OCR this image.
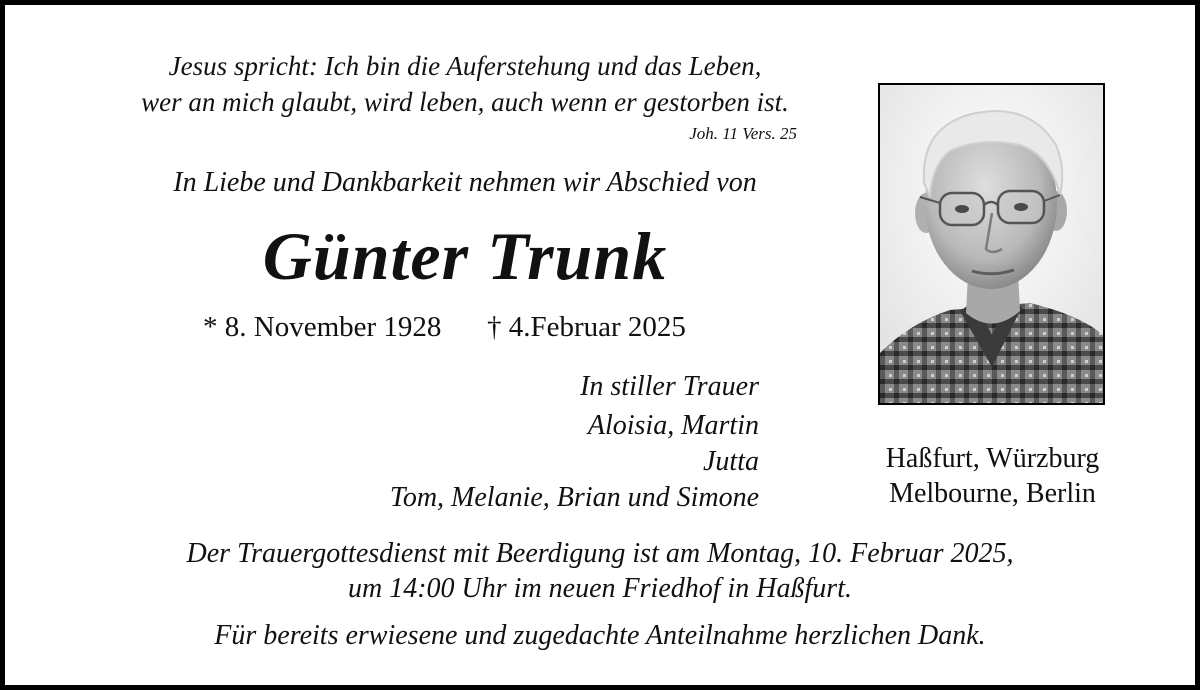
Jesus spricht: Ich bin die Auferstehung und das Leben,
wer an mich glaubt, wird leben, auch wenn er gestorben ist.
Joh. 11 Vers. 25
In Liebe und Dankbarkeit nehmen wir Abschied von
Günter Trunk
* 8. November 1928 † 4.Februar 2025
In stiller Trauer
Aloisia, Martin
Jutta
Tom, Melanie, Brian und Simone
Haßfurt, Würzburg
Melbourne, Berlin
Der Trauergottesdienst mit Beerdigung ist am Montag, 10. Februar 2025,
um 14:00 Uhr im neuen Friedhof in Haßfurt.
Für bereits erwiesene und zugedachte Anteilnahme herzlichen Dank.
